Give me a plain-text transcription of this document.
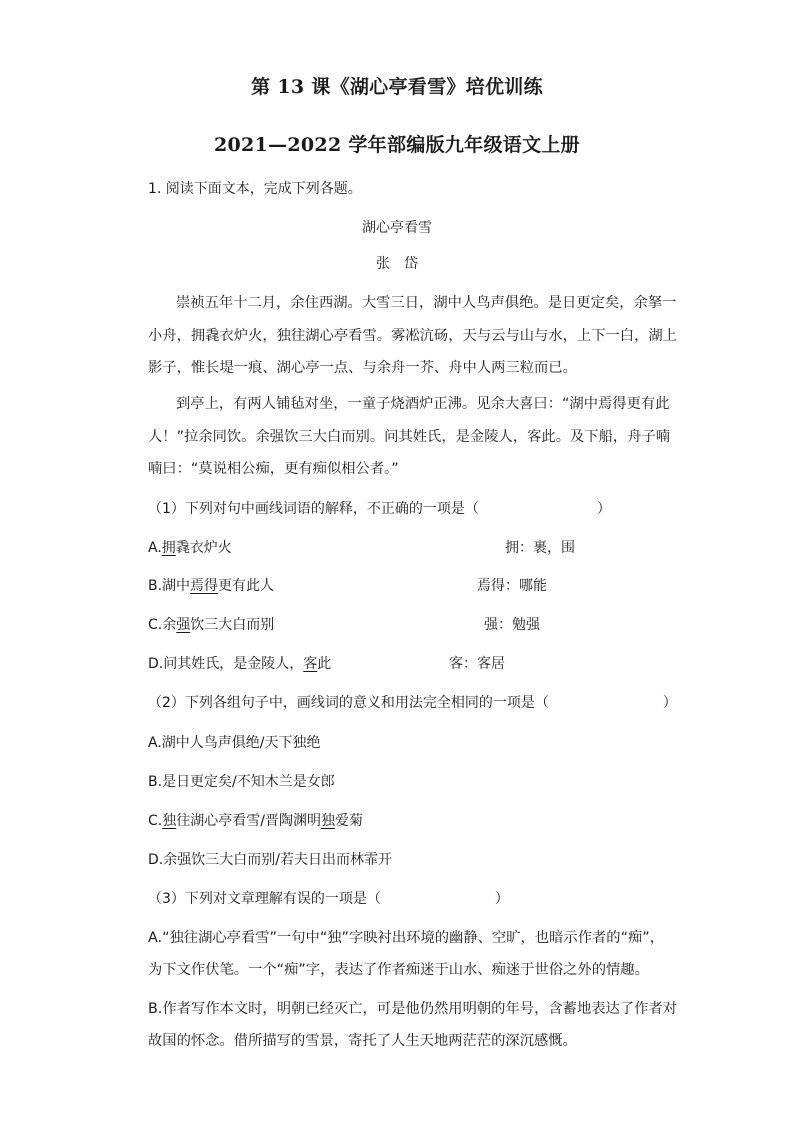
第 13 课《湖心亭看雪》培优训练
2021—2022 学年部编版九年级语文上册
1. 阅读下面文本，完成下列各题。
湖心亭看雪
张　岱
崇祯五年十二月，余住西湖。大雪三日，湖中人鸟声俱绝。是日更定矣，余拏一
小舟，拥毳衣炉火，独往湖心亭看雪。雾凇沆砀，天与云与山与水，上下一白，湖上
影子，惟长堤一痕、湖心亭一点、与余舟一芥、舟中人两三粒而已。
到亭上，有两人铺毡对坐，一童子烧酒炉正沸。见余大喜曰：“湖中焉得更有此
人！”拉余同饮。余强饮三大白而别。问其姓氏，是金陵人，客此。及下船，舟子喃
喃曰：“莫说相公痴，更有痴似相公者。”
（1）下列对句中画线词语的解释，不正确的一项是（	）
A.拥毳衣炉火	拥：裹，围
B.湖中焉得更有此人	焉得：哪能
C.余强饮三大白而别	强：勉强
D.问其姓氏，是金陵人，客此	客：客居
（2）下列各组句子中，画线词的意义和用法完全相同的一项是（	）
A.湖中人鸟声俱绝/天下独绝
B.是日更定矣/不知木兰是女郎
C.独往湖心亭看雪/晋陶渊明独爱菊
D.余强饮三大白而别/若夫日出而林霏开
（3）下列对文章理解有误的一项是（	）
A.“独往湖心亭看雪”一句中“独”字映衬出环境的幽静、空旷，也暗示作者的“痴”，
为下文作伏笔。一个“痴”字，表达了作者痴迷于山水、痴迷于世俗之外的情趣。
B.作者写作本文时，明朝已经灭亡，可是他仍然用明朝的年号，含蓄地表达了作者对
故国的怀念。借所描写的雪景，寄托了人生天地两茫茫的深沉感慨。
